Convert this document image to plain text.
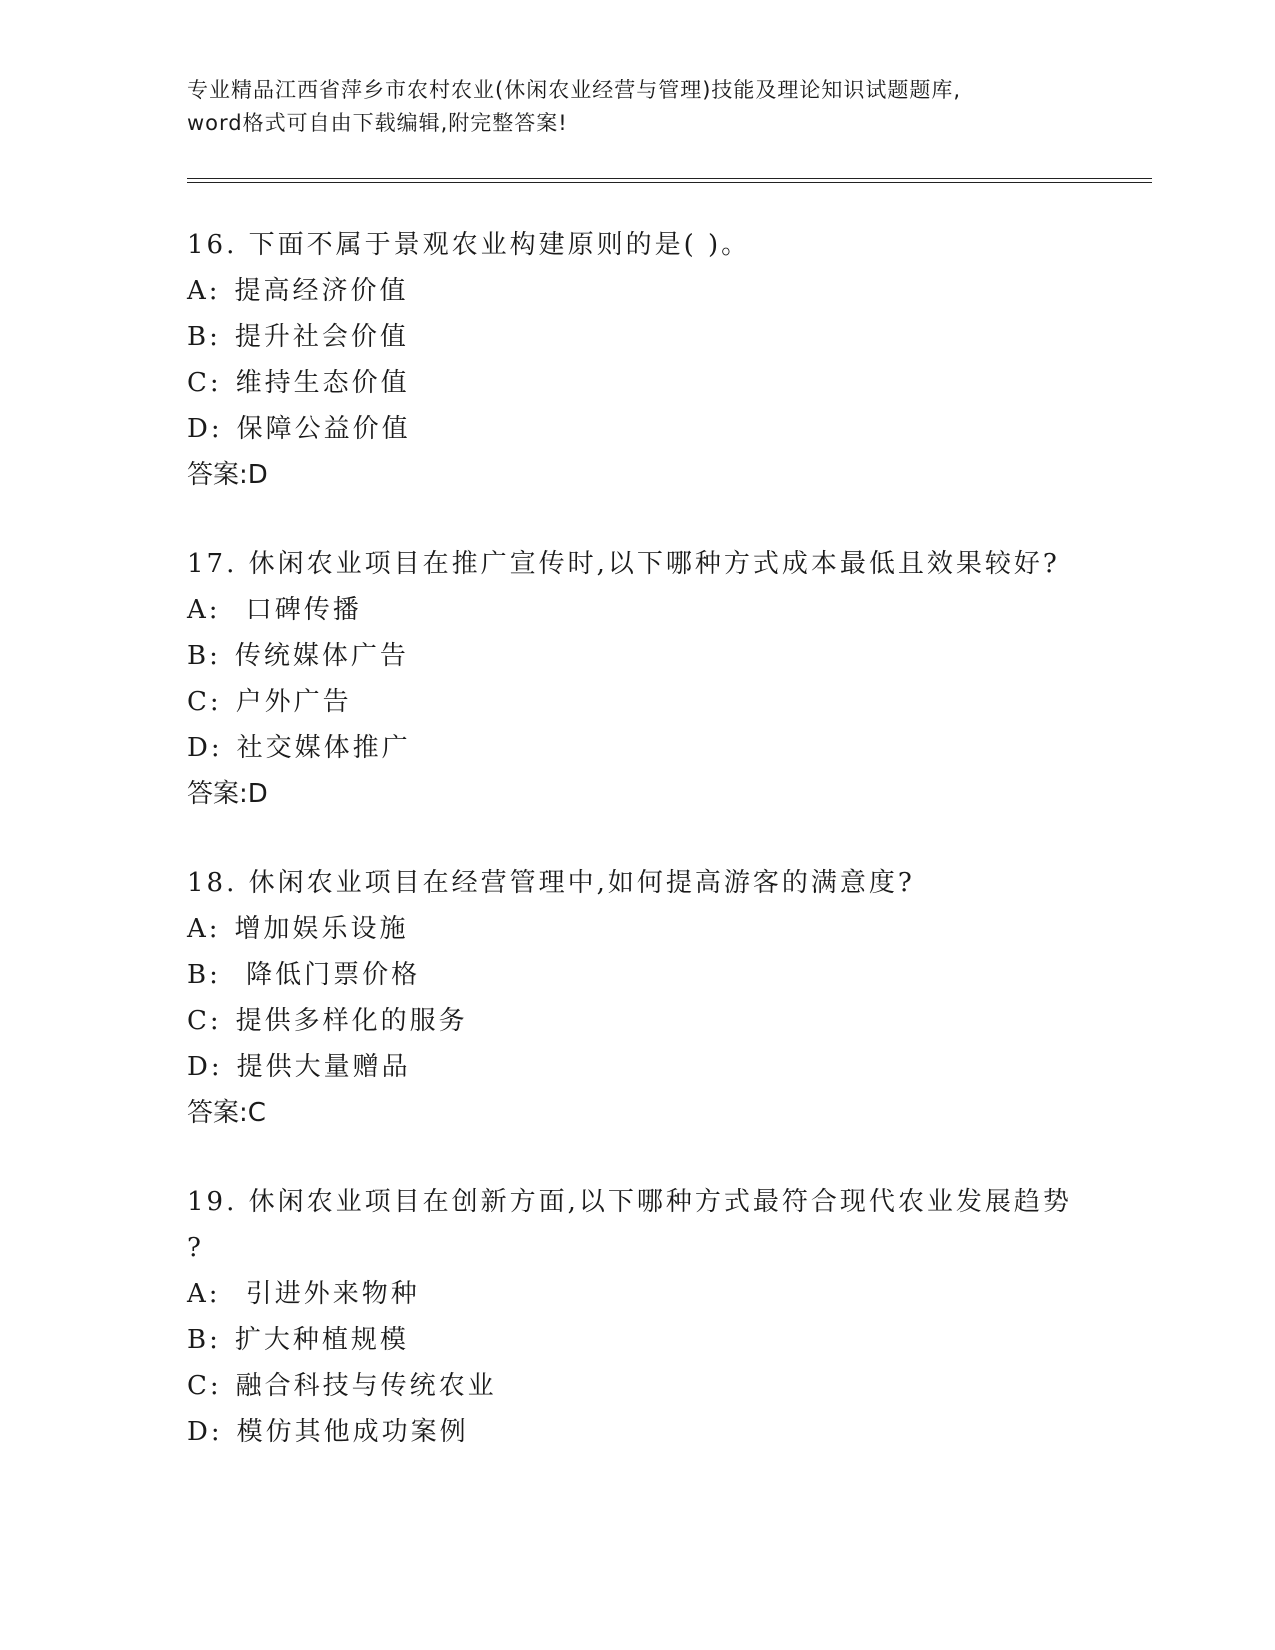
专业精品江西省萍乡市农村农业(休闲农业经营与管理)技能及理论知识试题题库,
word格式可自由下载编辑,附完整答案!
16. 下面不属于景观农业构建原则的是( )。
A: 提高经济价值
B: 提升社会价值
C: 维持生态价值
D: 保障公益价值
答案:D
17. 休闲农业项目在推广宣传时,以下哪种方式成本最低且效果较好?
A: 口碑传播
B: 传统媒体广告
C: 户外广告
D: 社交媒体推广
答案:D
18. 休闲农业项目在经营管理中,如何提高游客的满意度?
A: 增加娱乐设施
B: 降低门票价格
C: 提供多样化的服务
D: 提供大量赠品
答案:C
19. 休闲农业项目在创新方面,以下哪种方式最符合现代农业发展趋势
?
A: 引进外来物种
B: 扩大种植规模
C: 融合科技与传统农业
D: 模仿其他成功案例
